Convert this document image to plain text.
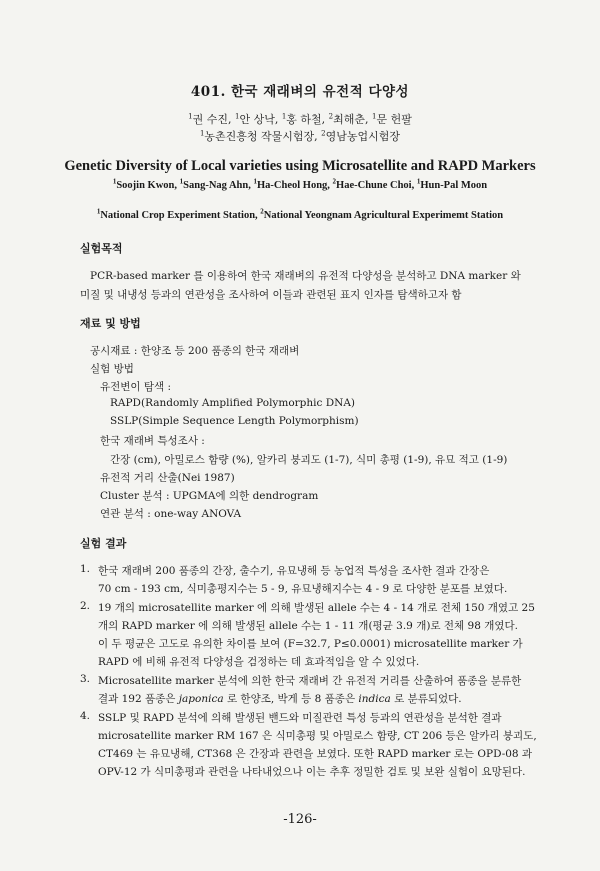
401. 한국 재래벼의 유전적 다양성
$^1$권 수진, $^1$안 상낙, $^1$홍 하철, $^2$최해춘, $^1$문 헌팔
$^1$농촌진흥청 작물시험장, $^2$영남농업시험장
Genetic Diversity of Local varieties using Microsatellite and RAPD Markers
$^1$Soojin Kwon, $^1$Sang-Nag Ahn, $^1$Ha-Cheol Hong, $^2$Hae-Chune Choi, $^1$Hun-Pal Moon
$^1$National Crop Experiment Station, $^2$National Yeongnam Agricultural Experimemt Station
실험목적
PCR-based marker 를 이용하여 한국 재래벼의 유전적 다양성을 분석하고 DNA marker 와
미질 및 내냉성 등과의 연관성을 조사하여 이들과 관련된 표지 인자를 탐색하고자 함
재료 및 방법
공시재료 : 한양조 등 200 품종의 한국 재래벼
실험 방법
유전변이 탐색 :
RAPD(Randomly Amplified Polymorphic DNA)
SSLP(Simple Sequence Length Polymorphism)
한국 재래벼 특성조사 :
간장 (cm), 아밀로스 함량 (%), 알카리 붕괴도 (1-7), 식미 총평 (1-9), 유묘 적고 (1-9)
유전적 거리 산출(Nei 1987)
Cluster 분석 : UPGMA에 의한 dendrogram
연관 분석 : one-way ANOVA
실험 결과
1. 한국 재래벼 200 품종의 간장, 출수기, 유묘냉해 등 농업적 특성을 조사한 결과 간장은
70 cm - 193 cm, 식미총평지수는 5 - 9, 유묘냉해지수는 4 - 9 로 다양한 분포를 보였다.
2. 19 개의 microsatellite marker 에 의해 발생된 allele 수는 4 - 14 개로 전체 150 개였고 25
개의 RAPD marker 에 의해 발생된 allele 수는 1 - 11 개(평균 3.9 개)로 전체 98 개였다.
이 두 평균은 고도로 유의한 차이를 보여 (F=32.7, P≤0.0001) microsatellite marker 가
RAPD 에 비해 유전적 다양성을 검정하는 데 효과적임을 알 수 있었다.
3. Microsatellite marker 분석에 의한 한국 재래벼 간 유전적 거리를 산출하여 품종을 분류한
결과 192 품종은 japonica 로 한양조, 박게 등 8 품종은 indica 로 분류되었다.
4. SSLP 및 RAPD 분석에 의해 발생된 밴드와 미질관련 특성 등과의 연관성을 분석한 결과
microsatellite marker RM 167 은 식미총평 및 아밀로스 함량, CT 206 등은 알카리 붕괴도,
CT469 는 유묘냉해, CT368 은 간장과 관련을 보였다. 또한 RAPD marker 로는 OPD-08 과
OPV-12 가 식미총평과 관련을 나타내었으나 이는 추후 정밀한 검토 및 보완 실험이 요망된다.
-126-
